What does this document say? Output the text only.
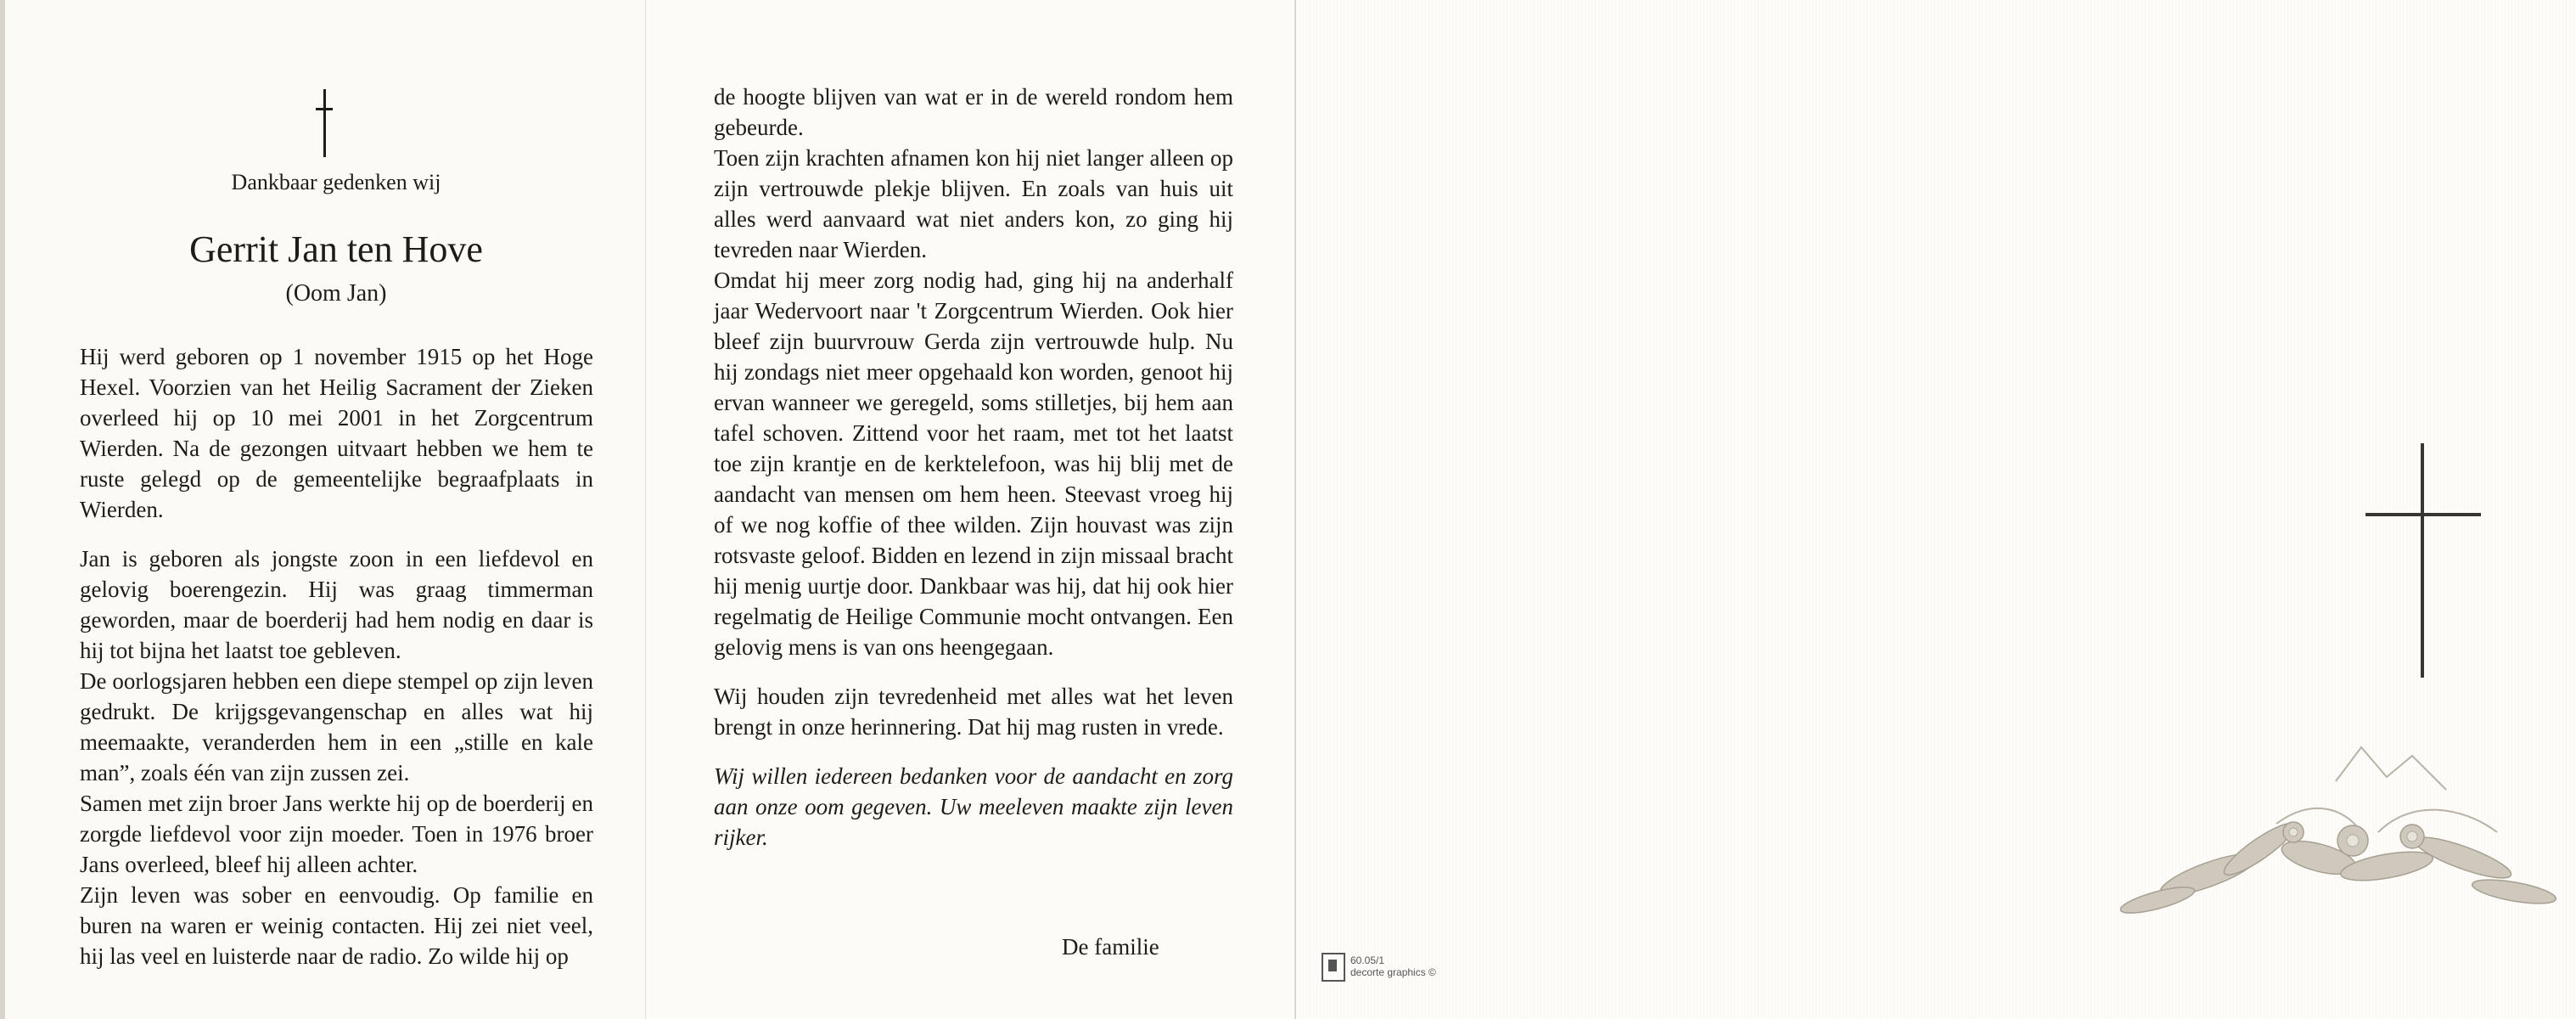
Dankbaar gedenken wij
Gerrit Jan ten Hove
(Oom Jan)

Hij werd geboren op 1 november 1915 op het Hoge Hexel. Voorzien van het Heilig Sacrament der Zieken overleed hij op 10 mei 2001 in het Zorgcentrum Wierden. Na de gezongen uitvaart hebben we hem te ruste gelegd op de gemeentelijke begraafplaats in Wierden.

Jan is geboren als jongste zoon in een liefdevol en gelovig boerengezin. Hij was graag timmerman geworden, maar de boerderij had hem nodig en daar is hij tot bijna het laatst toe gebleven.

De oorlogsjaren hebben een diepe stempel op zijn leven gedrukt. De krijgsgevangenschap en alles wat hij meemaakte, veranderden hem in een „stille en kale man”, zoals één van zijn zussen zei.

Samen met zijn broer Jans werkte hij op de boerderij en zorgde liefdevol voor zijn moeder. Toen in 1976 broer Jans overleed, bleef hij alleen achter.

Zijn leven was sober en eenvoudig. Op familie en buren na waren er weinig contacten. Hij zei niet veel, hij las veel en luisterde naar de radio. Zo wilde hij op

de hoogte blijven van wat er in de wereld rondom hem gebeurde.

Toen zijn krachten afnamen kon hij niet langer alleen op zijn vertrouwde plekje blijven. En zoals van huis uit alles werd aanvaard wat niet anders kon, zo ging hij tevreden naar Wierden.

Omdat hij meer zorg nodig had, ging hij na anderhalf jaar Wedervoort naar 't Zorgcentrum Wierden. Ook hier bleef zijn buurvrouw Gerda zijn vertrouwde hulp. Nu hij zondags niet meer opgehaald kon worden, genoot hij ervan wanneer we geregeld, soms stilletjes, bij hem aan tafel schoven. Zittend voor het raam, met tot het laatst toe zijn krantje en de kerktelefoon, was hij blij met de aandacht van mensen om hem heen. Steevast vroeg hij of we nog koffie of thee wilden. Zijn houvast was zijn rotsvaste geloof. Bidden en lezend in zijn missaal bracht hij menig uurtje door. Dankbaar was hij, dat hij ook hier regelmatig de Heilige Communie mocht ontvangen. Een gelovig mens is van ons heengegaan.

Wij houden zijn tevredenheid met alles wat het leven brengt in onze herinnering. Dat hij mag rusten in vrede.

Wij willen iedereen bedanken voor de aandacht en zorg aan onze oom gegeven. Uw meeleven maakte zijn leven rijker.

De familie
60.05/1
decorte graphics ©
